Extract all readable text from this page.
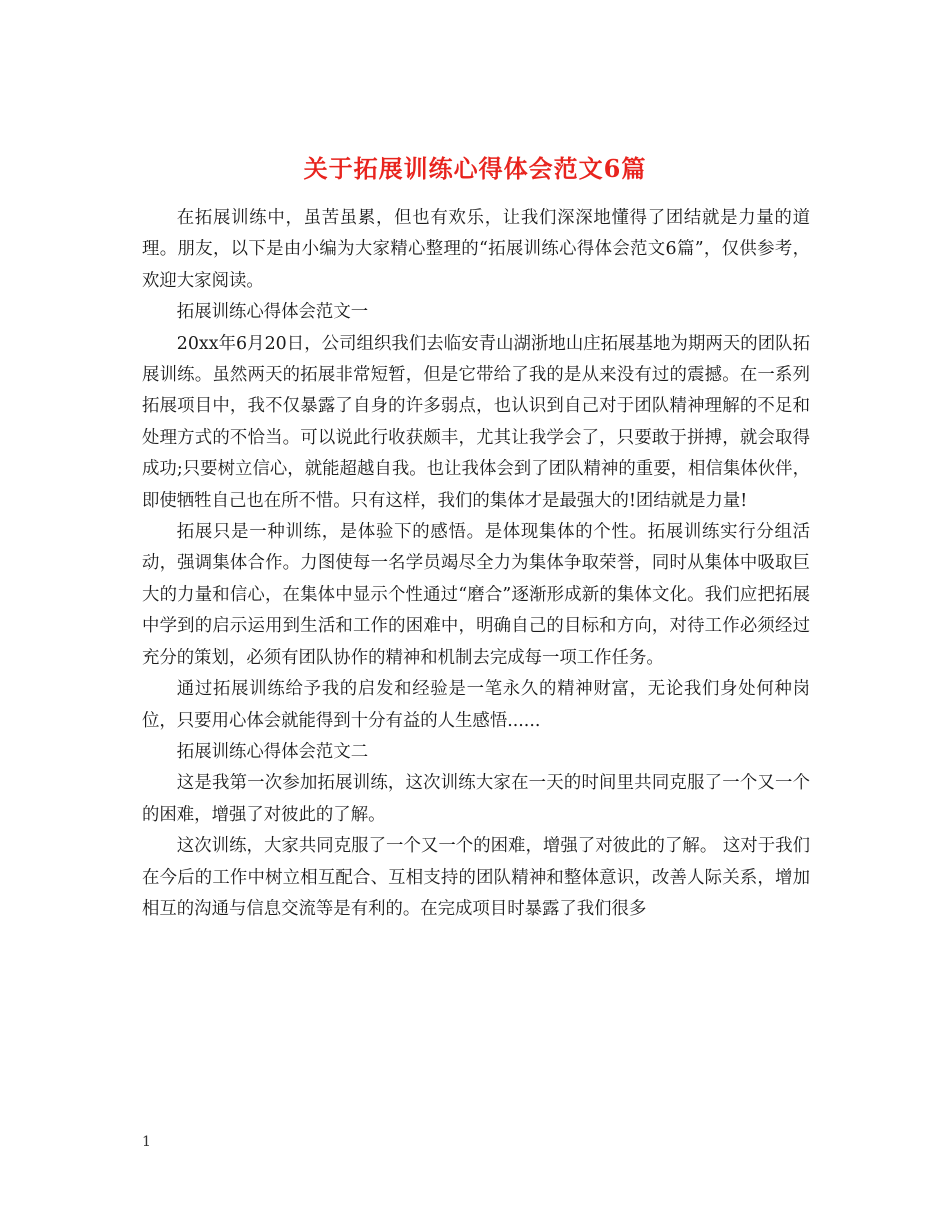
关于拓展训练心得体会范文6篇

在拓展训练中，虽苦虽累，但也有欢乐，让我们深深地懂得了团结就是力量的道理。朋友，以下是由小编为大家精心整理的“拓展训练心得体会范文6篇”，仅供参考，欢迎大家阅读。

拓展训练心得体会范文一

20xx年6月20日，公司组织我们去临安青山湖浙地山庄拓展基地为期两天的团队拓展训练。虽然两天的拓展非常短暂，但是它带给了我的是从来没有过的震撼。在一系列拓展项目中，我不仅暴露了自身的许多弱点，也认识到自己对于团队精神理解的不足和处理方式的不恰当。可以说此行收获颇丰，尤其让我学会了，只要敢于拼搏，就会取得成功;只要树立信心，就能超越自我。也让我体会到了团队精神的重要，相信集体伙伴，即使牺牲自己也在所不惜。只有这样，我们的集体才是最强大的!团结就是力量!

拓展只是一种训练，是体验下的感悟。是体现集体的个性。拓展训练实行分组活动，强调集体合作。力图使每一名学员竭尽全力为集体争取荣誉，同时从集体中吸取巨大的力量和信心，在集体中显示个性通过“磨合”逐渐形成新的集体文化。我们应把拓展中学到的启示运用到生活和工作的困难中，明确自己的目标和方向，对待工作必须经过充分的策划，必须有团队协作的精神和机制去完成每一项工作任务。

通过拓展训练给予我的启发和经验是一笔永久的精神财富，无论我们身处何种岗位，只要用心体会就能得到十分有益的人生感悟......

拓展训练心得体会范文二

这是我第一次参加拓展训练，这次训练大家在一天的时间里共同克服了一个又一个的困难，增强了对彼此的了解。

这次训练，大家共同克服了一个又一个的困难，增强了对彼此的了解。 这对于我们在今后的工作中树立相互配合、互相支持的团队精神和整体意识，改善人际关系，增加相互的沟通与信息交流等是有利的。在完成项目时暴露了我们很多

1
